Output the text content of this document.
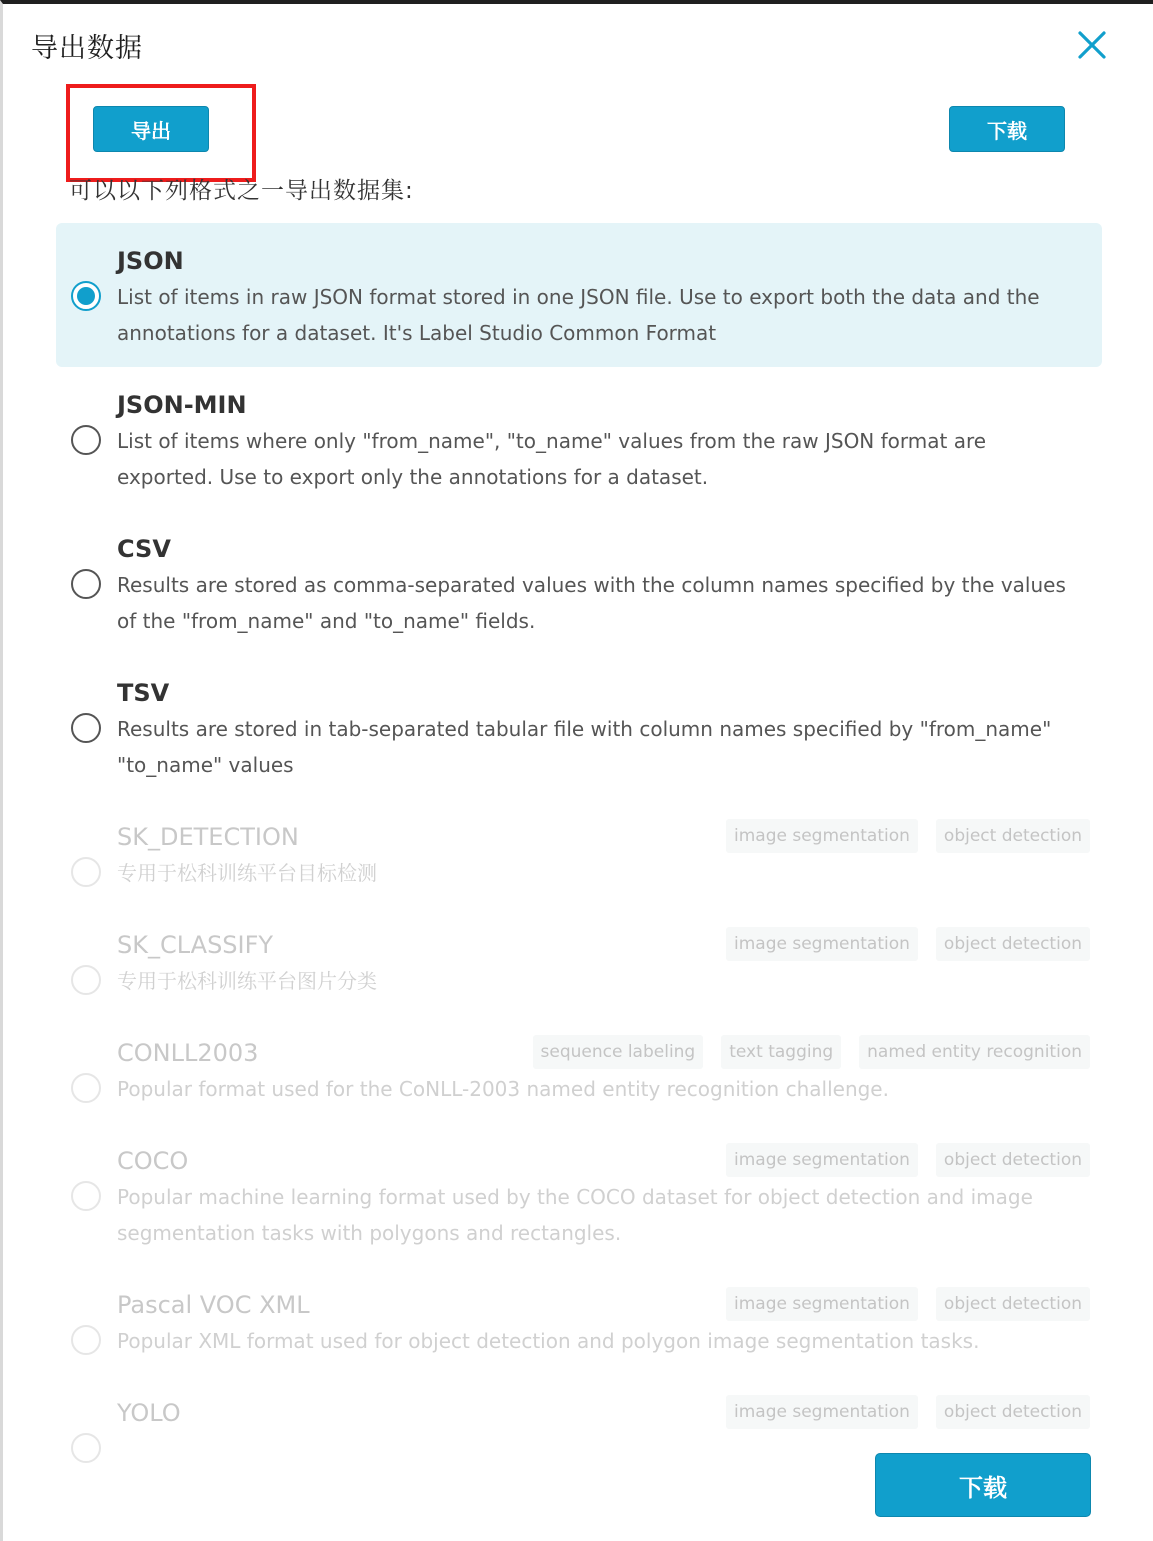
导出数据
导出	下载
可以以下列格式之一导出数据集:
JSON
List of items in raw JSON format stored in one JSON file. Use to export both the data and the annotations for a dataset. It's Label Studio Common Format
JSON-MIN
List of items where only "from_name", "to_name" values from the raw JSON format are exported. Use to export only the annotations for a dataset.
CSV
Results are stored as comma-separated values with the column names specified by the values of the "from_name" and "to_name" fields.
TSV
Results are stored in tab-separated tabular file with column names specified by "from_name" "to_name" values
SK_DETECTION
专用于松科训练平台目标检测
image segmentation	object detection
SK_CLASSIFY
专用于松科训练平台图片分类
image segmentation	object detection
CONLL2003
Popular format used for the CoNLL-2003 named entity recognition challenge.
sequence labeling	text tagging	named entity recognition
COCO
Popular machine learning format used by the COCO dataset for object detection and image segmentation tasks with polygons and rectangles.
image segmentation	object detection
Pascal VOC XML
Popular XML format used for object detection and polygon image segmentation tasks.
image segmentation	object detection
YOLO	image segmentation	object detection
下载
